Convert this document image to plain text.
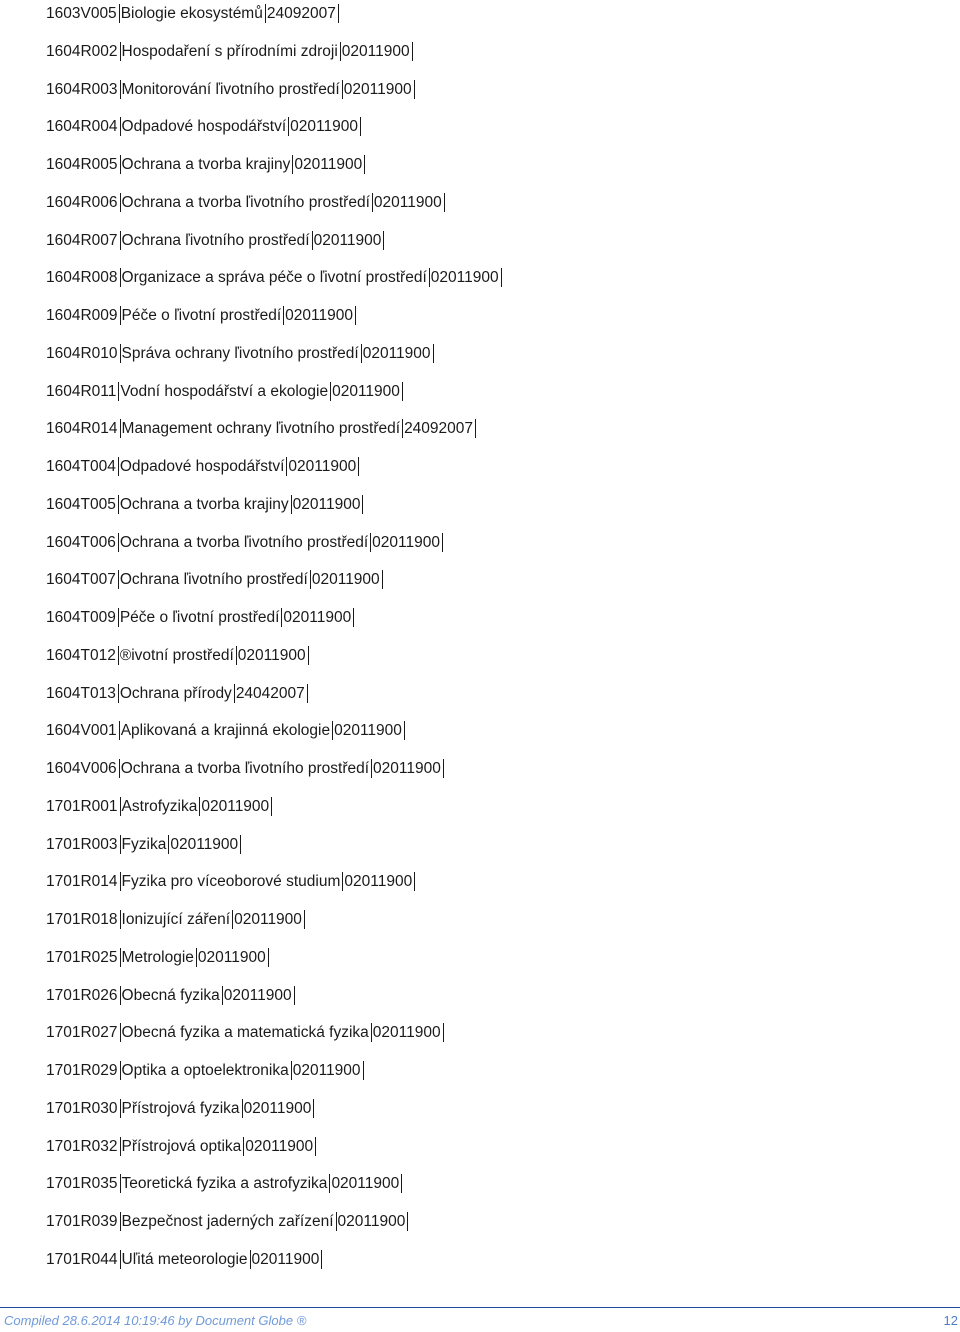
1603V005 Biologie ekosystémů 24092007
1604R002 Hospodaření s přírodními zdroji 02011900
1604R003 Monitorování ľivotního prostředí 02011900
1604R004 Odpadové hospodářství 02011900
1604R005 Ochrana a tvorba krajiny 02011900
1604R006 Ochrana a tvorba ľivotního prostředí 02011900
1604R007 Ochrana ľivotního prostředí 02011900
1604R008 Organizace a správa péče o ľivotní prostředí 02011900
1604R009 Péče o ľivotní prostředí 02011900
1604R010 Správa ochrany ľivotního prostředí 02011900
1604R011 Vodní hospodářství a ekologie 02011900
1604R014 Management ochrany ľivotního prostředí 24092007
1604T004 Odpadové hospodářství 02011900
1604T005 Ochrana a tvorba krajiny 02011900
1604T006 Ochrana a tvorba ľivotního prostředí 02011900
1604T007 Ochrana ľivotního prostředí 02011900
1604T009 Péče o ľivotní prostředí 02011900
1604T012 ®ivotní prostředí 02011900
1604T013 Ochrana přírody 24042007
1604V001 Aplikovaná a krajinná ekologie 02011900
1604V006 Ochrana a tvorba ľivotního prostředí 02011900
1701R001 Astrofyzika 02011900
1701R003 Fyzika 02011900
1701R014 Fyzika pro víceoborové studium 02011900
1701R018 Ionizující záření 02011900
1701R025 Metrologie 02011900
1701R026 Obecná fyzika 02011900
1701R027 Obecná fyzika a matematická fyzika 02011900
1701R029 Optika a optoelektronika 02011900
1701R030 Přístrojová fyzika 02011900
1701R032 Přístrojová optika 02011900
1701R035 Teoretická fyzika a astrofyzika 02011900
1701R039 Bezpečnost jaderných zařízení 02011900
1701R044 Uľitá meteorologie 02011900
Compiled 28.6.2014 10:19:46 by Document Globe ®	12
